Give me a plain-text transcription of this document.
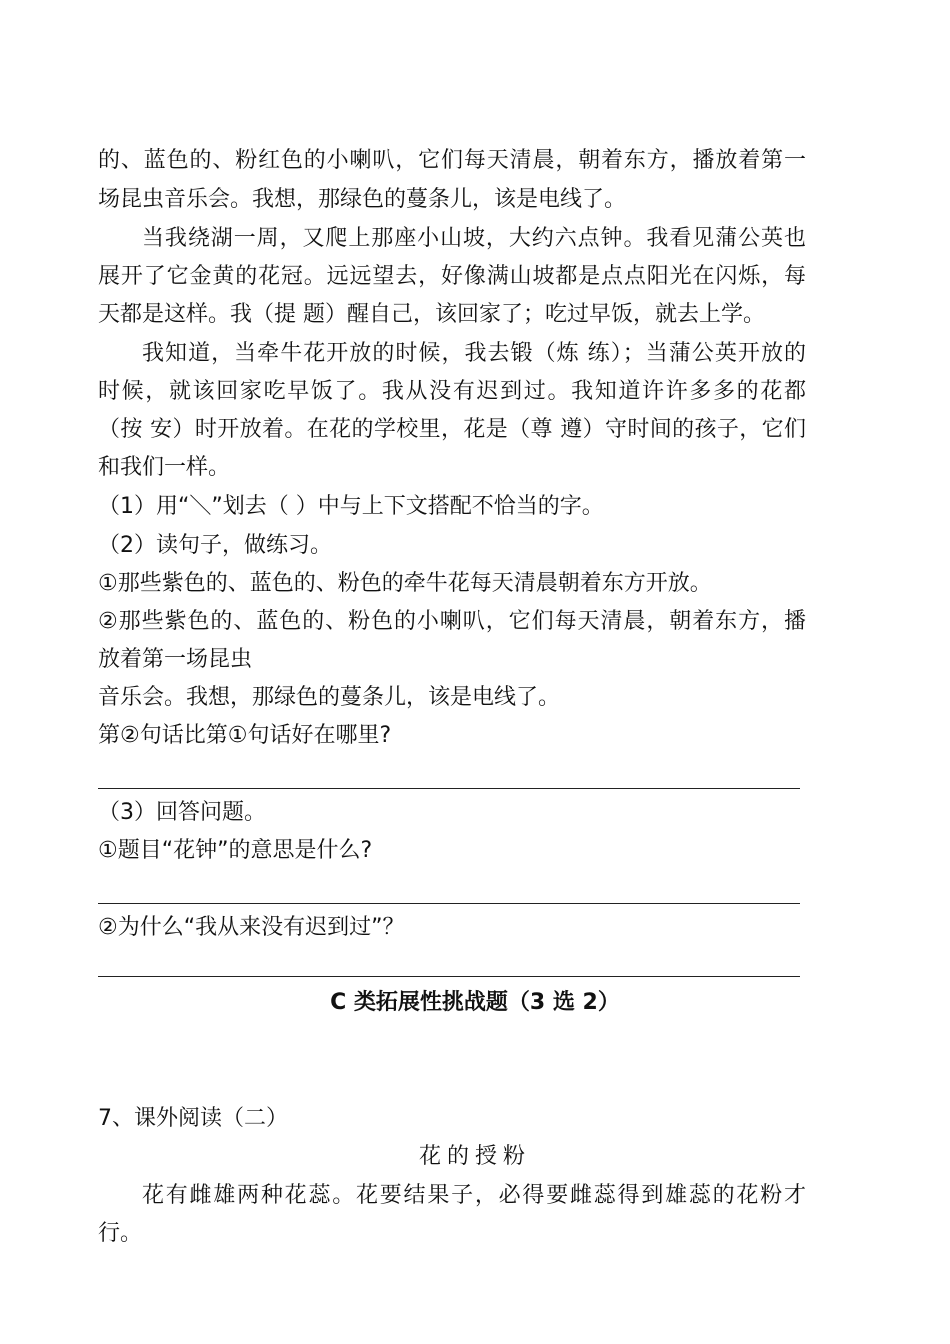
的、蓝色的、粉红色的小喇叭，它们每天清晨，朝着东方，播放着第一
场昆虫音乐会。我想，那绿色的蔓条儿，该是电线了。
当我绕湖一周，又爬上那座小山坡，大约六点钟。我看见蒲公英也
展开了它金黄的花冠。远远望去，好像满山坡都是点点阳光在闪烁，每
天都是这样。我（提 题）醒自己，该回家了；吃过早饭，就去上学。
我知道，当牵牛花开放的时候，我去锻（炼 练）；当蒲公英开放的
时候，就该回家吃早饭了。我从没有迟到过。我知道许许多多的花都
（按 安）时开放着。在花的学校里，花是（尊 遵）守时间的孩子，它们
和我们一样。
（1）用“＼”划去（ ）中与上下文搭配不恰当的字。
（2）读句子，做练习。
①那些紫色的、蓝色的、粉色的牵牛花每天清晨朝着东方开放。
②那些紫色的、蓝色的、粉色的小喇叭，它们每天清晨，朝着东方，播
放着第一场昆虫
音乐会。我想，那绿色的蔓条儿，该是电线了。
第②句话比第①句话好在哪里?
（3）回答问题。
①题目“花钟”的意思是什么?
②为什么“我从来没有迟到过”？
C 类拓展性挑战题（3 选 2）
7、课外阅读（二）
花的授粉
花有雌雄两种花蕊。花要结果子，必得要雌蕊得到雄蕊的花粉才
行。
